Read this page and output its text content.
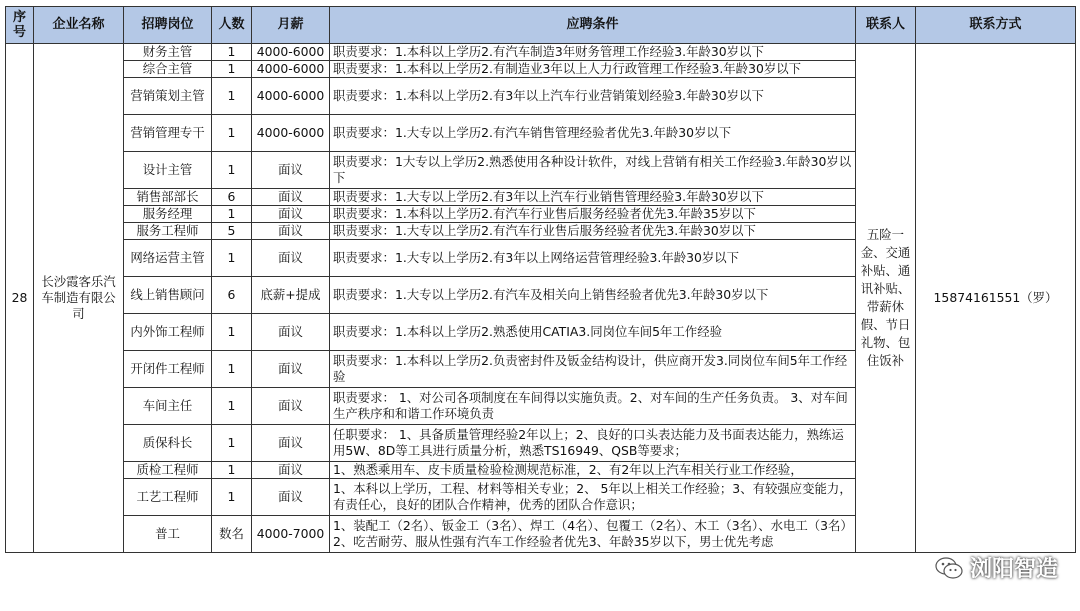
序号	企业名称	招聘岗位	人数	月薪	应聘条件	联系人	联系方式
28	长沙霞客乐汽车制造有限公司	财务主管	1	4000-6000	职责要求：1.本科以上学历2.有汽车制造3年财务管理工作经验3.年龄30岁以下	五险一金、交通补贴、通讯补贴、带薪休假、节日礼物、包住饭补	15874161551（罗）
		综合主管	1	4000-6000	职责要求：1.本科以上学历2.有制造业3年以上人力行政管理工作经验3.年龄30岁以下		
		营销策划主管	1	4000-6000	职责要求：1.本科以上学历2.有3年以上汽车行业营销策划经验3.年龄30岁以下		
		营销管理专干	1	4000-6000	职责要求：1.大专以上学历2.有汽车销售管理经验者优先3.年龄30岁以下		
		设计主管	1	面议	职责要求：1大专以上学历2.熟悉使用各种设计软件，对线上营销有相关工作经验3.年龄30岁以下		
		销售部部长	6	面议	职责要求：1.大专以上学历2.有3年以上汽车行业销售管理经验3.年龄30岁以下		
		服务经理	1	面议	职责要求：1.本科以上学历2.有汽车行业售后服务经验者优先3.年龄35岁以下		
		服务工程师	5	面议	职责要求：1.大专以上学历2.有汽车行业售后服务经验者优先3.年龄30岁以下		
		网络运营主管	1	面议	职责要求：1.大专以上学历2.有3年以上网络运营管理经验3.年龄30岁以下		
		线上销售顾问	6	底薪+提成	职责要求：1.大专以上学历2.有汽车及相关向上销售经验者优先3.年龄30岁以下		
		内外饰工程师	1	面议	职责要求：1.本科以上学历2.熟悉使用CATIA3.同岗位车间5年工作经验		
		开闭件工程师	1	面议	职责要求：1.本科以上学历2.负责密封件及钣金结构设计，供应商开发3.同岗位车间5年工作经验		
		车间主任	1	面议	职责要求： 1、对公司各项制度在车间得以实施负责。2、对车间的生产任务负责。 3、对车间生产秩序和和谐工作环境负责		
		质保科长	1	面议	任职要求： 1、具备质量管理经验2年以上；2、良好的口头表达能力及书面表达能力，熟练运用5W、8D等工具进行质量分析，熟悉TS16949、QSB等要求；		
		质检工程师	1	面议	1、熟悉乘用车、皮卡质量检验检测规范标准，2、有2年以上汽车相关行业工作经验，		
		工艺工程师	1	面议	1、本科以上学历，工程、材料等相关专业；2、 5年以上相关工作经验；3、有较强应变能力，有责任心，良好的团队合作精神，优秀的团队合作意识；		
		普工	数名	4000-7000	1、装配工（2名）、钣金工（3名）、焊工（4名）、包覆工（2名）、木工（3名）、水电工（3名）2、吃苦耐劳、服从性强有汽车工作经验者优先3、年龄35岁以下，男士优先考虑		
浏阳智造
